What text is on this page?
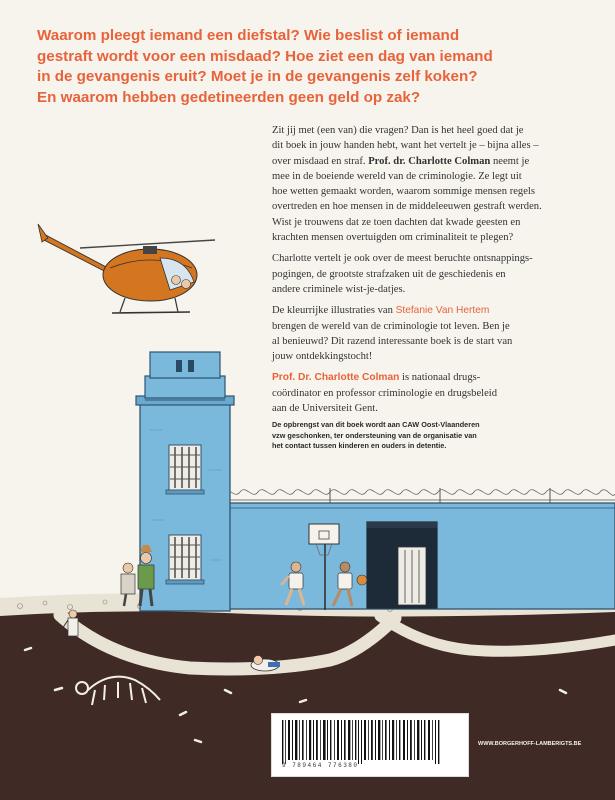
Waarom pleegt iemand een diefstal? Wie beslist of iemand
gestraft wordt voor een misdaad? Hoe ziet een dag van iemand
in de gevangenis eruit? Moet je in de gevangenis zelf koken?
En waarom hebben gedetineerden geen geld op zak?

Zit jij met (een van) die vragen? Dan is het heel goed dat je
dit boek in jouw handen hebt, want het vertelt je – bijna alles –
over misdaad en straf. Prof. dr. Charlotte Colman neemt je
mee in de boeiende wereld van de criminologie. Ze legt uit
hoe wetten gemaakt worden, waarom sommige mensen regels
overtreden en hoe mensen in de middeleeuwen gestraft werden.
Wist je trouwens dat ze toen dachten dat kwade geesten en
krachten mensen overtuigden om criminaliteit te plegen?

Charlotte vertelt je ook over de meest beruchte ontsnappings-
pogingen, de grootste strafzaken uit de geschiedenis en
andere criminele wist-je-datjes.

De kleurrijke illustraties van Stefanie Van Hertem
brengen de wereld van de criminologie tot leven. Ben je
al benieuwd? Dit razend interessante boek is de start van
jouw ontdekkingstocht!

Prof. Dr. Charlotte Colman is nationaal drugs-
coördinator en professor criminologie en drugsbeleid
aan de Universiteit Gent.

De opbrengst van dit boek wordt aan CAW Oost-Vlaanderen
vzw geschonken, ter ondersteuning van de organisatie van
het contact tussen kinderen en ouders in detentie.
9 789464 776380
WWW.BORGERHOFF-LAMBERIGTS.BE
